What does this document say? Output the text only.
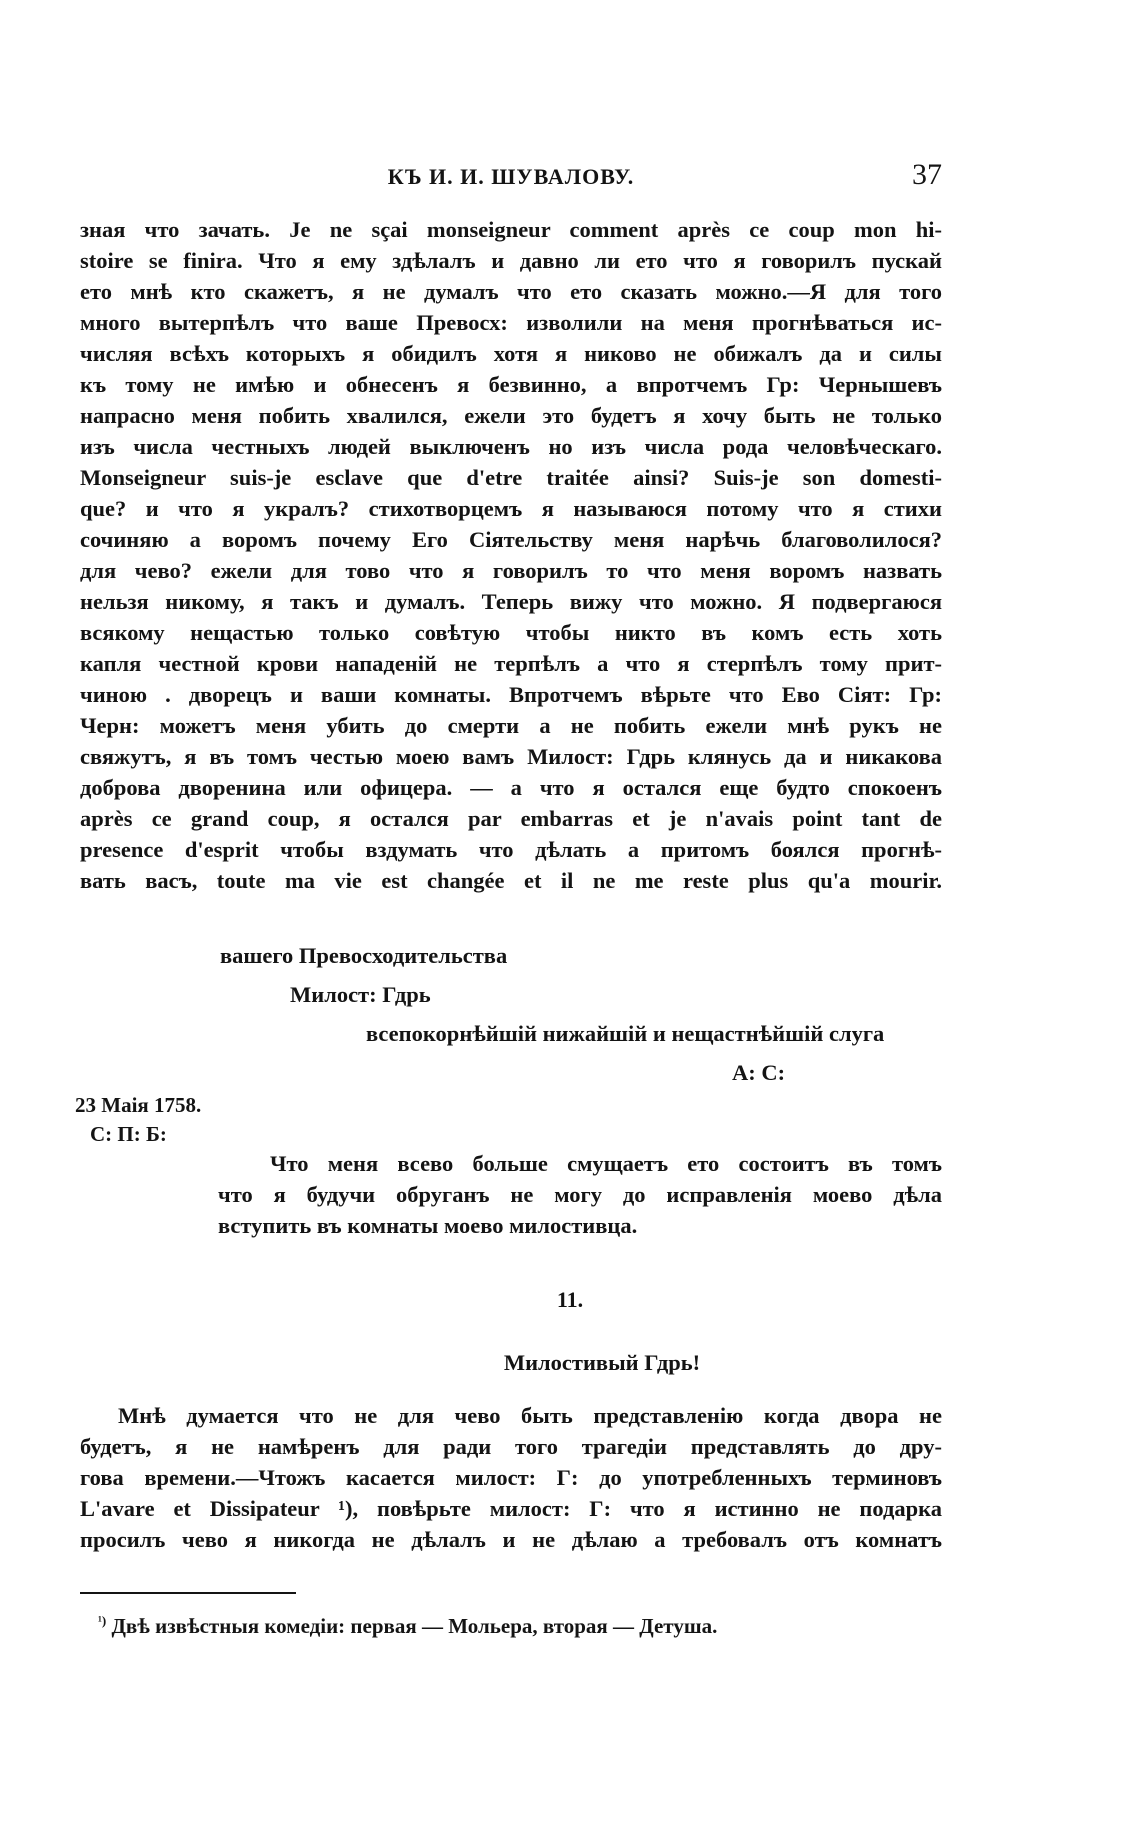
КЪ И. И. ШУВАЛОВУ.	37
зная что зачать. Je ne sçai monseigneur comment après ce coup mon hi-
stoire se finira. Что я ему здѣлалъ и давно ли ето что я говорилъ пускай
ето мнѣ кто скажетъ, я не думалъ что ето сказать можно.—Я для того
много вытерпѣлъ что ваше Превосх: изволили на меня прогнѣватьcя ис-
числяя всѣхъ которыхъ я обидилъ хотя я никово не обижалъ да и силы
къ тому не имѣю и обнесенъ я безвинно, а впротчемъ Гр: Чернышевъ
напрасно меня побить хвалился, ежели это будетъ я хочу быть не только
изъ числа честныхъ людей выключенъ но изъ числа рода человѣческаго.
Monseigneur suis-je esclave que d'etre traitée ainsi? Suis-je son domesti-
que? и что я укралъ? стихотворцемъ я называюся потому что я стихи
сочиняю а воромъ почему Его Сіятельству меня нарѣчь благоволилося?
для чево? ежели для тово что я говорилъ то что меня воромъ назвать
нельзя никому, я такъ и думалъ. Теперь вижу что можно. Я подвергаюся
всякому нещастью только совѣтую чтобы никто въ комъ есть хоть
капля честной крови нападеній не терпѣлъ а что я стерпѣлъ тому прит-
чиною . дворецъ и ваши комнаты. Впротчемъ вѣрьте что Ево Сіят: Гр:
Черн: можетъ меня убить до смерти а не побить ежели мнѣ рукъ не
свяжутъ, я въ томъ честью моею вамъ Милост: Гдрь клянусь да и никакова
доброва дворенина или офицера. — а что я остался еще будто спокоенъ
après ce grand coup, я остался par embarras et je n'avais point tant de
presence d'esprit чтобы вздумать что дѣлать а притомъ боялся прогнѣ-
вать васъ, toute ma vie est changée et il ne me reste plus qu'a mourir.
вашего Превосходительства
Милост: Гдрь
всепокорнѣйшій нижайшій и нещастнѣйшій слуга
А: С:
23 Маія 1758.
С: П: Б:
Что меня всево больше смущаетъ ето состоитъ въ томъ
что я будучи обруганъ не могу до исправленія моево дѣла
вступить въ комнаты моево милостивца.
11.
Милостивый Гдрь!
Мнѣ думается что не для чево быть представленію когда двора не
будетъ, я не намѣренъ для ради того трагедіи представлять до дру-
гова времени.—Чтожъ касается милост: Г: до употребленныхъ терминовъ
L'avare et Dissipateur ¹), повѣрьте милост: Г: что я истинно не подарка
просилъ чево я никогда не дѣлалъ и не дѣлаю а требовалъ отъ комнатъ
$^{^1)}$ Двѣ извѣстныя комедіи: первая — Мольера, вторая — Детуша.
